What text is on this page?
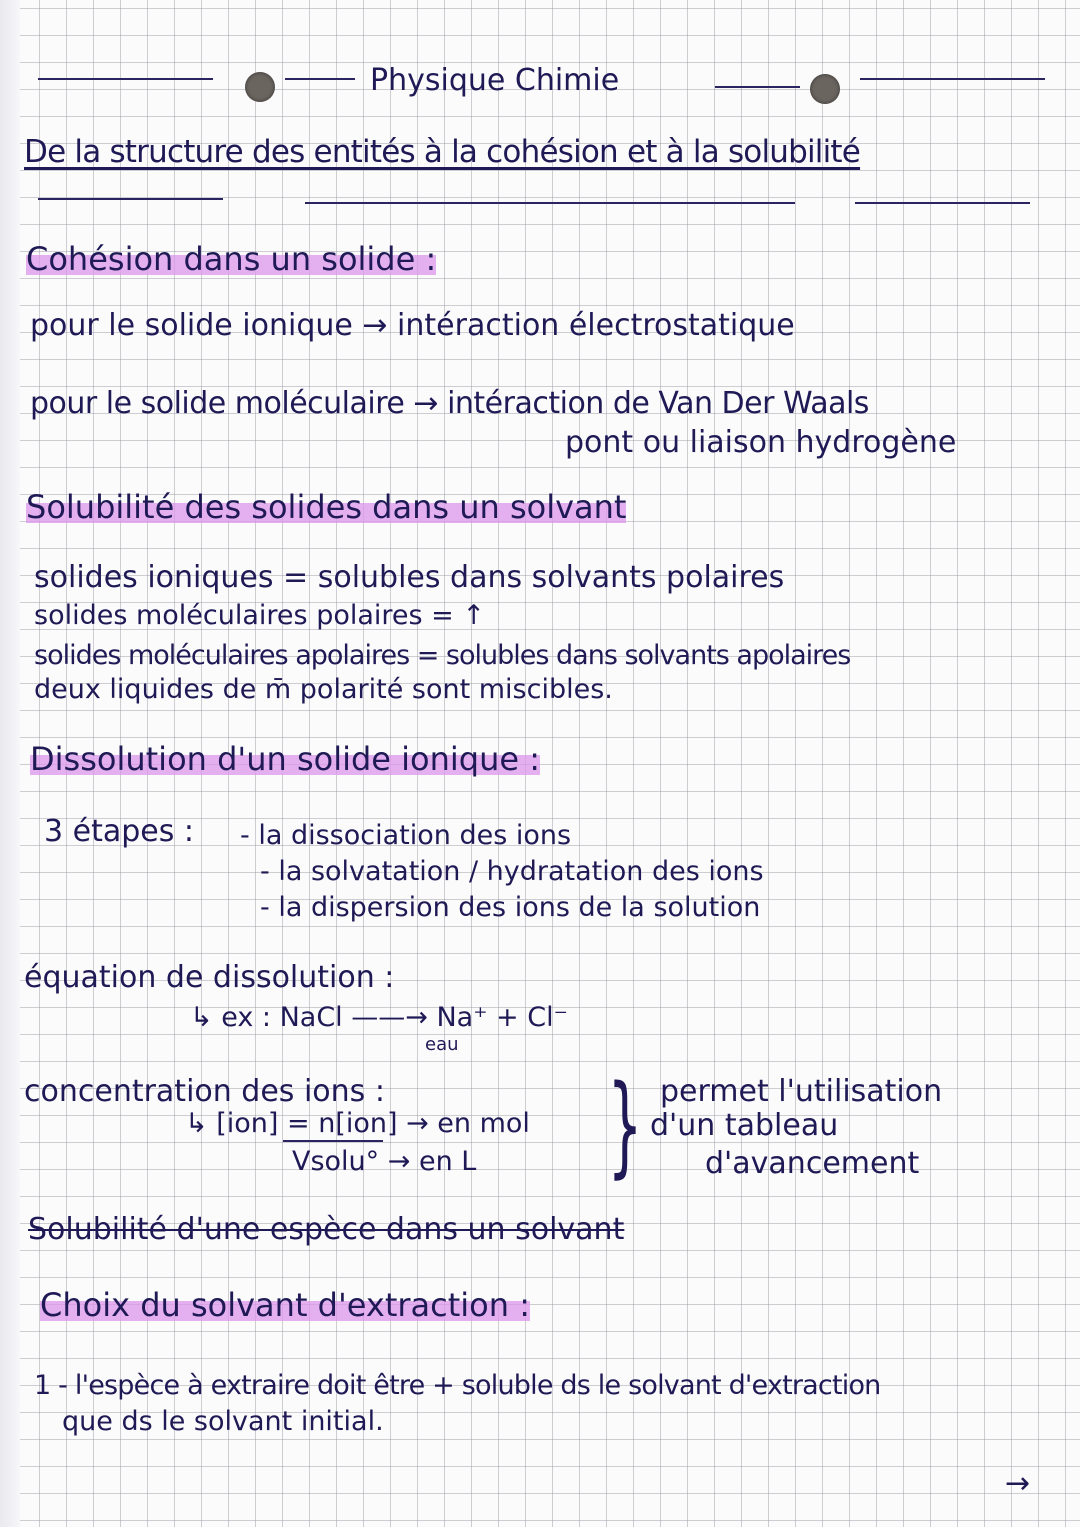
Physique Chimie
De la structure des entités à la cohésion et à la solubilité
Cohésion dans un solide :
pour le solide ionique → intéraction électrostatique
pour le solide moléculaire → intéraction de Van Der Waals
pont ou liaison hydrogène
Solubilité des solides dans un solvant
solides ioniques = solubles dans solvants polaires
solides moléculaires polaires = ↑
solides moléculaires apolaires = solubles dans solvants apolaires
deux liquides de m̄ polarité sont miscibles.
Dissolution d'un solide ionique :
3 étapes : - la dissociation des ions
- la solvatation / hydratation des ions
- la dispersion des ions de la solution
équation de dissolution :
↳ ex : NaCl ——→ Na⁺ + Cl⁻
eau
concentration des ions :
↳ [ion] = n[ion] → en mol
Vsolu° → en L } permet l'utilisation
d'un tableau
d'avancement
Solubilité d'une espèce dans un solvant
Choix du solvant d'extraction :
1 - l'espèce à extraire doit être + soluble ds le solvant d'extraction
que ds le solvant initial.
→
